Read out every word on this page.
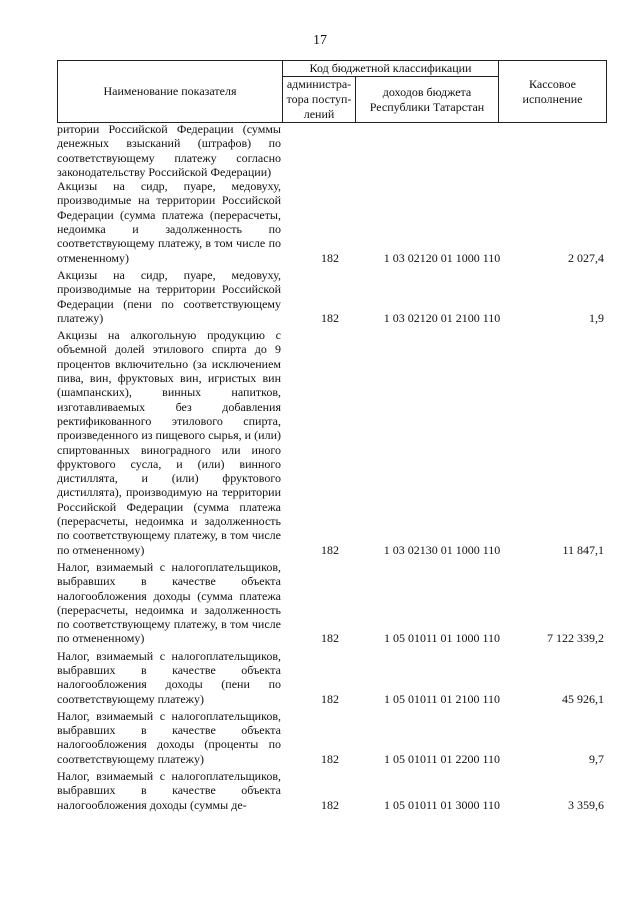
17
Наименование показателя	Код бюджетной классификации		Кассовое исполнение
	администра-тора поступ-лений	доходов бюджета Республики Татарстан	

ритории Российской Федерации (суммы денежных взысканий (штрафов) по соответствующему платежу согласно законодательству Российской Федерации)

Акцизы на сидр, пуаре, медовуху, производимые на территории Российской Федерации (сумма платежа (перерасчеты, недоимка и задолженность по соответствующему платежу, в том числе по отмененному)	182	1 03 02120 01 1000 110	2 027,4

Акцизы на сидр, пуаре, медовуху, производимые на территории Российской Федерации (пени по соответствующему платежу)	182	1 03 02120 01 2100 110	1,9

Акцизы на алкогольную продукцию с объемной долей этилового спирта до 9 процентов включительно (за исключением пива, вин, фруктовых вин, игристых вин (шампанских), винных напитков, изготавливаемых без добавления ректификованного этилового спирта, произведенного из пищевого сырья, и (или) спиртованных виноградного или иного фруктового сусла, и (или) винного дистиллята, и (или) фруктового дистиллята), производимую на территории Российской Федерации (сумма платежа (перерасчеты, недоимка и задолженность по соответствующему платежу, в том числе по отмененному)	182	1 03 02130 01 1000 110	11 847,1

Налог, взимаемый с налогоплательщиков, выбравших в качестве объекта налогообложения доходы (сумма платежа (перерасчеты, недоимка и задолженность по соответствующему платежу, в том числе по отмененному)	182	1 05 01011 01 1000 110	7 122 339,2

Налог, взимаемый с налогоплательщиков, выбравших в качестве объекта налогообложения доходы (пени по соответствующему платежу)	182	1 05 01011 01 2100 110	45 926,1

Налог, взимаемый с налогоплательщиков, выбравших в качестве объекта налогообложения доходы (проценты по соответствующему платежу)	182	1 05 01011 01 2200 110	9,7

Налог, взимаемый с налогоплательщиков, выбравших в качестве объекта налогообложения доходы (суммы де-	182	1 05 01011 01 3000 110	3 359,6
